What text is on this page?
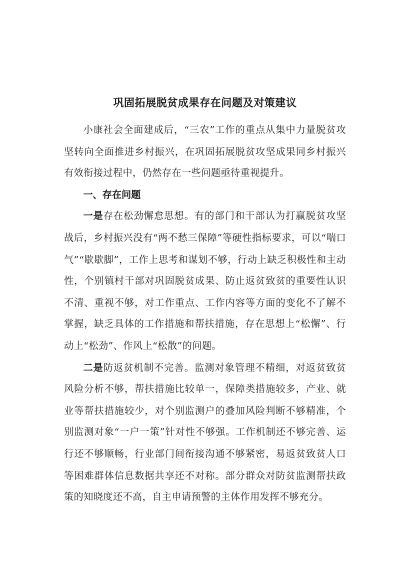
巩固拓展脱贫成果存在问题及对策建议

小康社会全面建成后，“三农”工作的重点从集中力量脱贫攻坚转向全面推进乡村振兴，在巩固拓展脱贫攻坚成果同乡村振兴有效衔接过程中，仍然存在一些问题亟待重视提升。

一、存在问题

一是存在松劲懈怠思想。有的部门和干部认为打赢脱贫攻坚战后，乡村振兴没有“两不愁三保障”等硬性指标要求，可以“喘口气”“歇歇脚”，工作上思考和谋划不够，行动上缺乏积极性和主动性，个别镇村干部对巩固脱贫成果、防止返贫致贫的重要性认识不清、重视不够，对工作重点、工作内容等方面的变化不了解不掌握，缺乏具体的工作措施和帮扶措施，存在思想上“松懈”、行动上“松劲”、作风上“松散”的问题。

二是防返贫机制不完善。监测对象管理不精细，对返贫致贫风险分析不够，帮扶措施比较单一，保障类措施较多，产业、就业等帮扶措施较少，对个别监测户的叠加风险判断不够精准，个别监测对象“一户一策”针对性不够强。工作机制还不够完善、运行还不够顺畅，行业部门间衔接沟通不够紧密，易返贫致贫人口等困难群体信息数据共享还不对称。部分群众对防贫监测帮扶政策的知晓度还不高，自主申请预警的主体作用发挥不够充分。
